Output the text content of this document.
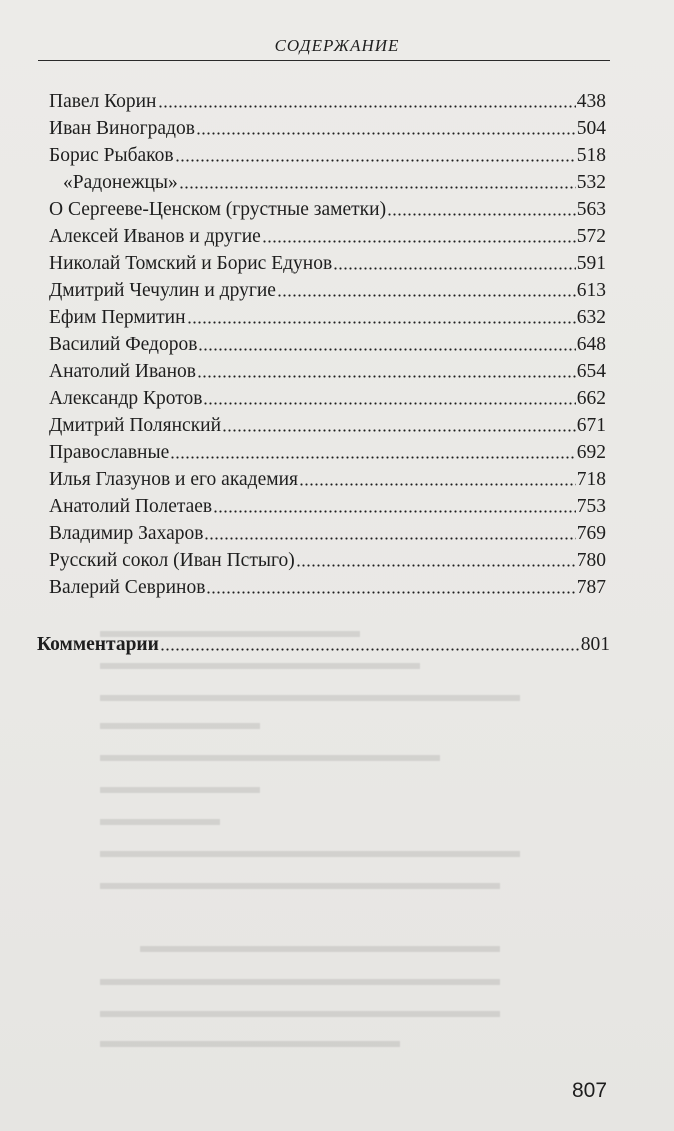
▬▬▬▬▬▬▬▬▬▬▬▬▬
▬▬▬▬▬▬▬▬▬▬▬▬▬▬▬▬
▬▬▬▬▬▬▬▬▬▬▬▬▬▬▬▬▬▬▬▬▬
▬▬▬▬▬▬▬▬
▬▬▬▬▬▬▬▬▬▬▬▬▬▬▬▬▬
▬▬▬▬▬▬▬▬
▬▬▬▬▬▬
▬▬▬▬▬▬▬▬▬▬▬▬▬▬▬▬▬▬▬▬▬
▬▬▬▬▬▬▬▬▬▬▬▬▬▬▬▬▬▬▬▬
▬▬▬▬▬▬▬▬▬▬▬▬▬▬▬▬▬▬
▬▬▬▬▬▬▬▬▬▬▬▬▬▬▬▬▬▬▬▬
▬▬▬▬▬▬▬▬▬▬▬▬▬▬▬▬▬▬▬▬
▬▬▬▬▬▬▬▬▬▬▬▬▬▬▬
СОДЕРЖАНИЕ
Павел Корин	438
Иван Виноградов	504
Борис Рыбаков	518
«Радонежцы»	532
О Сергееве-Ценском (грустные заметки)	563
Алексей Иванов и другие	572
Николай Томский и Борис Едунов	591
Дмитрий Чечулин и другие	613
Ефим Пермитин	632
Василий Федоров	648
Анатолий Иванов	654
Александр Кротов	662
Дмитрий Полянский	671
Православные	692
Илья Глазунов и его академия	718
Анатолий Полетаев	753
Владимир Захаров	769
Русский сокол (Иван Пстыго)	780
Валерий Севринов	787
Комментарии	801
807
